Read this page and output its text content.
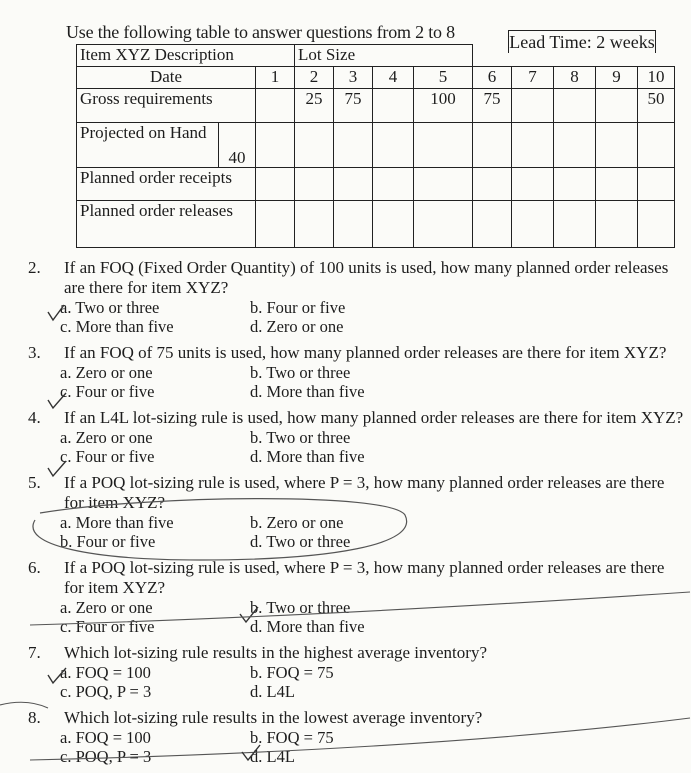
Use the following table to answer questions from 2 to 8	Lead Time: 2 weeks
Item XYZ Description			Lot Size								
Date		1	2	3	4	5	6	7	8	9	10
Gross requirements			25	75		100	75				50
Projected on Hand	40										
Planned order receipts											
Planned order releases											
2. If an FOQ (Fixed Order Quantity) of 100 units is used, how many planned order releases are there for item XYZ?
a. Two or three	b. Four or five
c. More than five	d. Zero or one
3. If an FOQ of 75 units is used, how many planned order releases are there for item XYZ?
a. Zero or one	b. Two or three
c. Four or five	d. More than five
4. If an L4L lot-sizing rule is used, how many planned order releases are there for item XYZ?
a. Zero or one	b. Two or three
c. Four or five	d. More than five
5. If a POQ lot-sizing rule is used, where P = 3, how many planned order releases are there for item XYZ?
a. More than five	b. Zero or one
b. Four or five	d. Two or three
6. If a POQ lot-sizing rule is used, where P = 3, how many planned order releases are there for item XYZ?
a. Zero or one	b. Two or three
c. Four or five	d. More than five
7. Which lot-sizing rule results in the highest average inventory?
a. FOQ = 100	b. FOQ = 75
c. POQ, P = 3	d. L4L
8. Which lot-sizing rule results in the lowest average inventory?
a. FOQ = 100	b. FOQ = 75
c. POQ, P = 3	d. L4L
